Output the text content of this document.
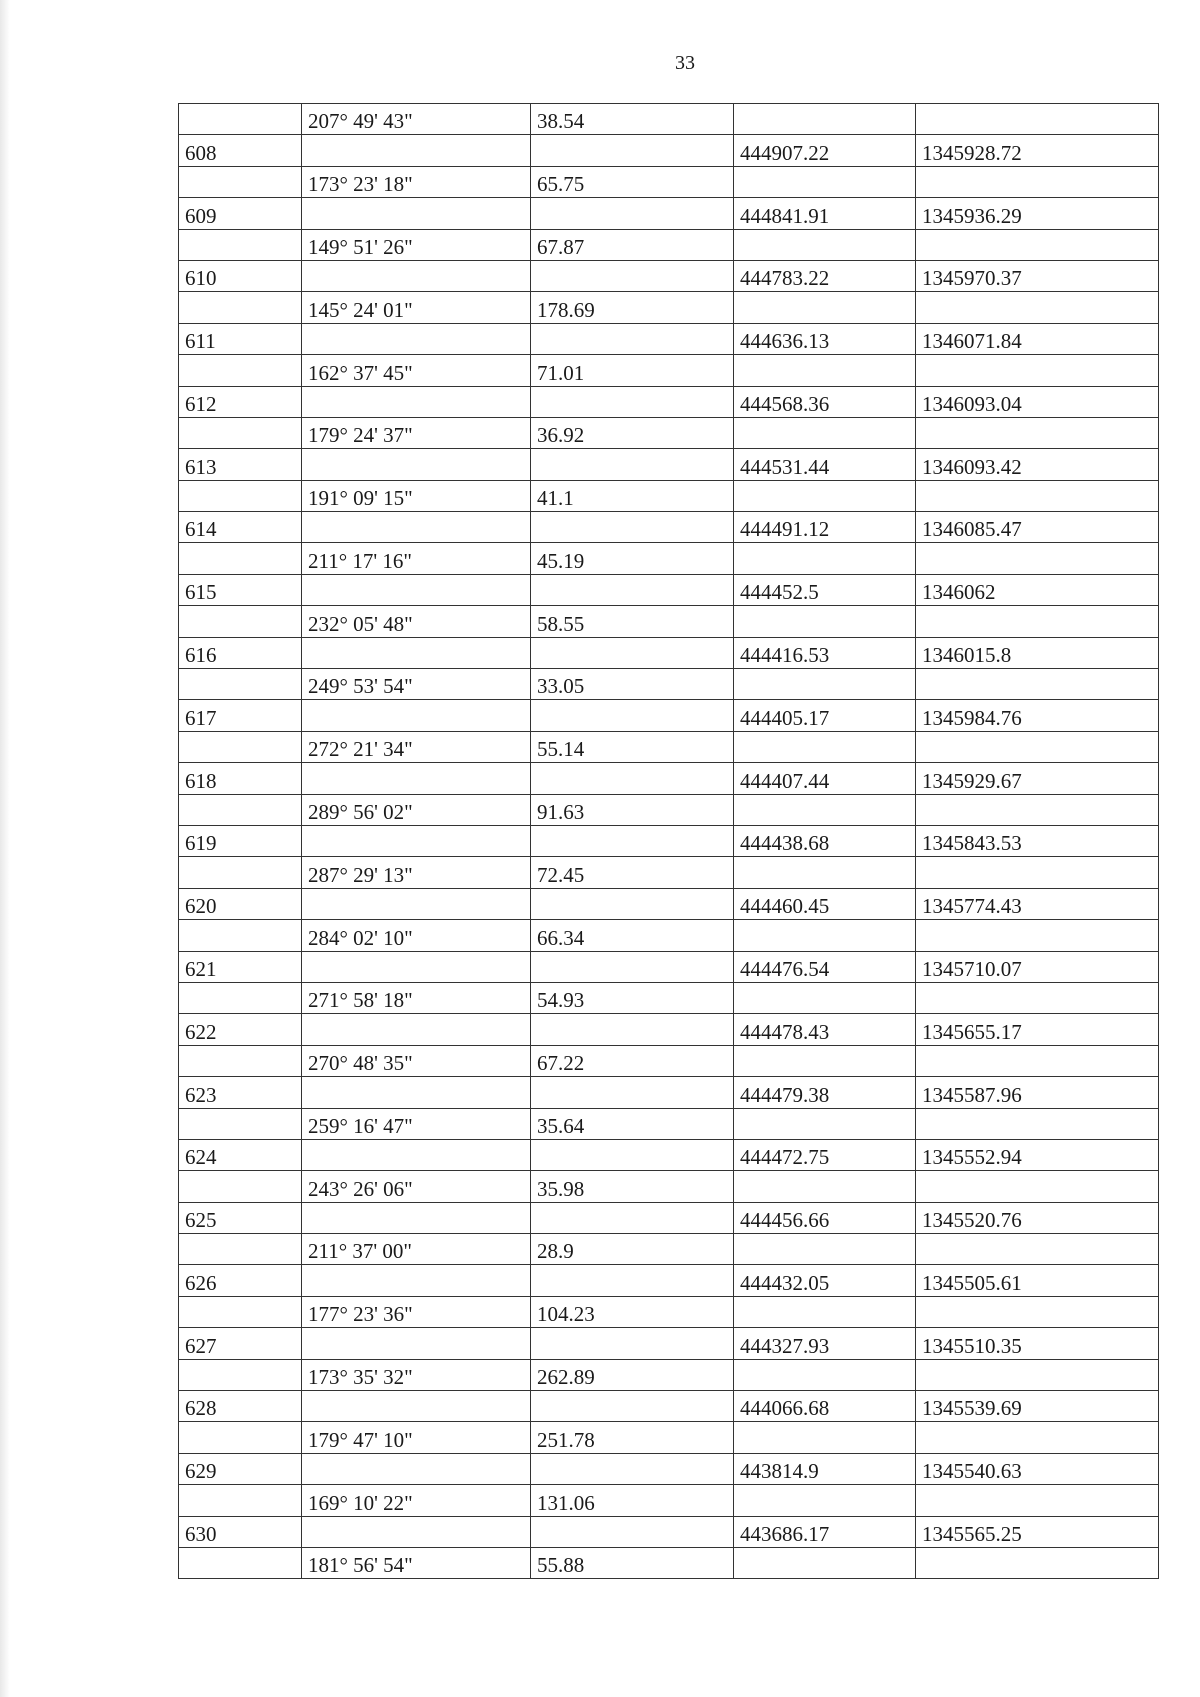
33
	207° 49' 43"	38.54		
608			444907.22	1345928.72
	173° 23' 18"	65.75		
609			444841.91	1345936.29
	149° 51' 26"	67.87		
610			444783.22	1345970.37
	145° 24' 01"	178.69		
611			444636.13	1346071.84
	162° 37' 45"	71.01		
612			444568.36	1346093.04
	179° 24' 37"	36.92		
613			444531.44	1346093.42
	191° 09' 15"	41.1		
614			444491.12	1346085.47
	211° 17' 16"	45.19		
615			444452.5	1346062
	232° 05' 48"	58.55		
616			444416.53	1346015.8
	249° 53' 54"	33.05		
617			444405.17	1345984.76
	272° 21' 34"	55.14		
618			444407.44	1345929.67
	289° 56' 02"	91.63		
619			444438.68	1345843.53
	287° 29' 13"	72.45		
620			444460.45	1345774.43
	284° 02' 10"	66.34		
621			444476.54	1345710.07
	271° 58' 18"	54.93		
622			444478.43	1345655.17
	270° 48' 35"	67.22		
623			444479.38	1345587.96
	259° 16' 47"	35.64		
624			444472.75	1345552.94
	243° 26' 06"	35.98		
625			444456.66	1345520.76
	211° 37' 00"	28.9		
626			444432.05	1345505.61
	177° 23' 36"	104.23		
627			444327.93	1345510.35
	173° 35' 32"	262.89		
628			444066.68	1345539.69
	179° 47' 10"	251.78		
629			443814.9	1345540.63
	169° 10' 22"	131.06		
630			443686.17	1345565.25
	181° 56' 54"	55.88		
